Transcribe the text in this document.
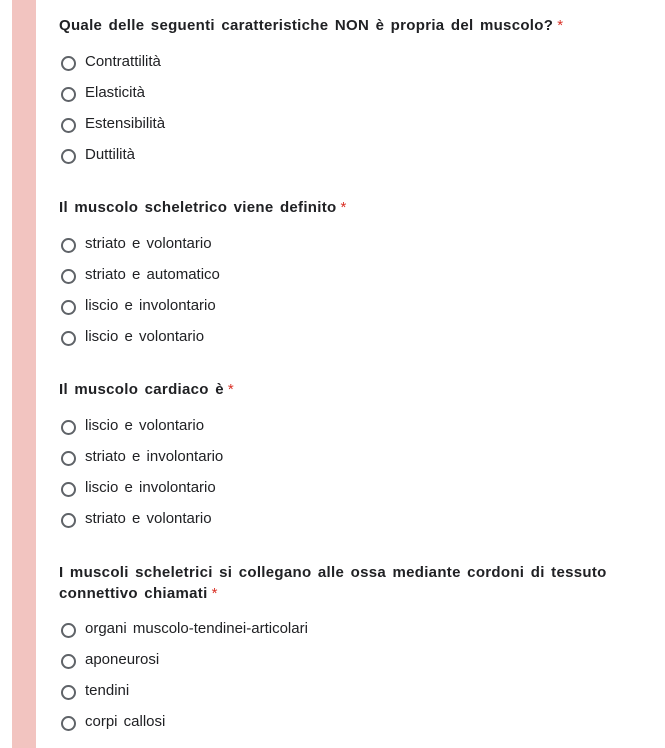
Quale delle seguenti caratteristiche NON è propria del muscolo? *
Contrattilità
Elasticità
Estensibilità
Duttilità
Il muscolo scheletrico viene definito *
striato e volontario
striato e automatico
liscio e involontario
liscio e volontario
Il muscolo cardiaco è *
liscio e volontario
striato e involontario
liscio e involontario
striato e volontario
I muscoli scheletrici si collegano alle ossa mediante cordoni di tessuto connettivo chiamati *
organi muscolo-tendinei-articolari
aponeurosi
tendini
corpi callosi
